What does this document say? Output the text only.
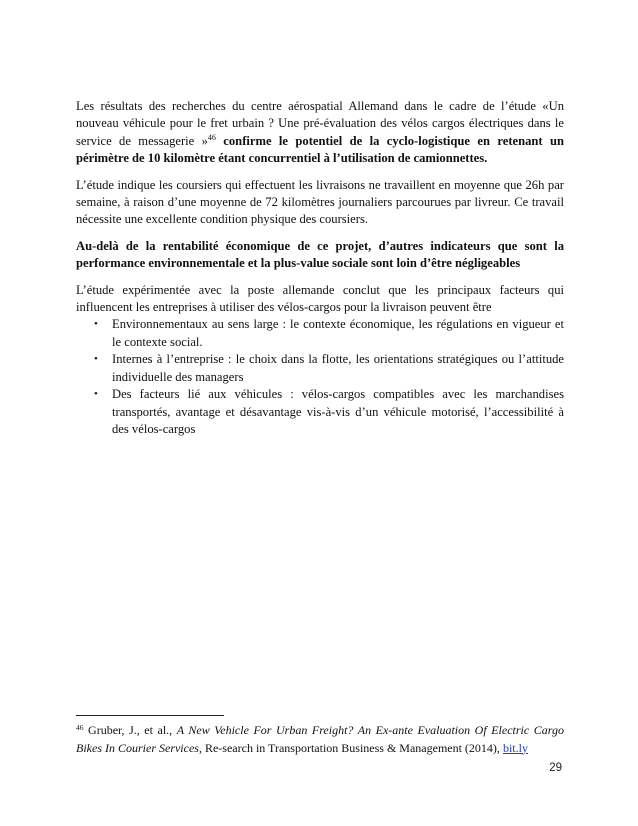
Les résultats des recherches du centre aérospatial Allemand dans le cadre de l’étude «Un nouveau véhicule pour le fret urbain ? Une pré-évaluation des vélos cargos électriques dans le service de messagerie »$^{46}$ confirme le potentiel de la cyclo-logistique en retenant un périmètre de 10 kilomètre étant concurrentiel à l’utilisation de camionnettes.

L’étude indique les coursiers qui effectuent les livraisons ne travaillent en moyenne que 26h par semaine, à raison d’une moyenne de 72 kilomètres journaliers parcourues par livreur. Ce travail nécessite une excellente condition physique des coursiers.

Au-delà de la rentabilité économique de ce projet, d’autres indicateurs que sont la performance environnementale et la plus-value sociale sont loin d’être négligeables

L’étude expérimentée avec la poste allemande conclut que les principaux facteurs qui influencent les entreprises à utiliser des vélos-cargos pour la livraison peuvent être

• Environnementaux au sens large : le contexte économique, les régulations en vigueur et le contexte social.
• Internes à l’entreprise : le choix dans la flotte, les orientations stratégiques ou l’attitude individuelle des managers
• Des facteurs lié aux véhicules : vélos-cargos compatibles avec les marchandises transportés, avantage et désavantage vis-à-vis d’un véhicule motorisé, l’accessibilité à des vélos-cargos
$^{46}$ Gruber, J., et al., A New Vehicle For Urban Freight? An Ex-ante Evaluation Of Electric Cargo Bikes In Courier Services, Re-search in Transportation Business & Management (2014), bit.ly
29
